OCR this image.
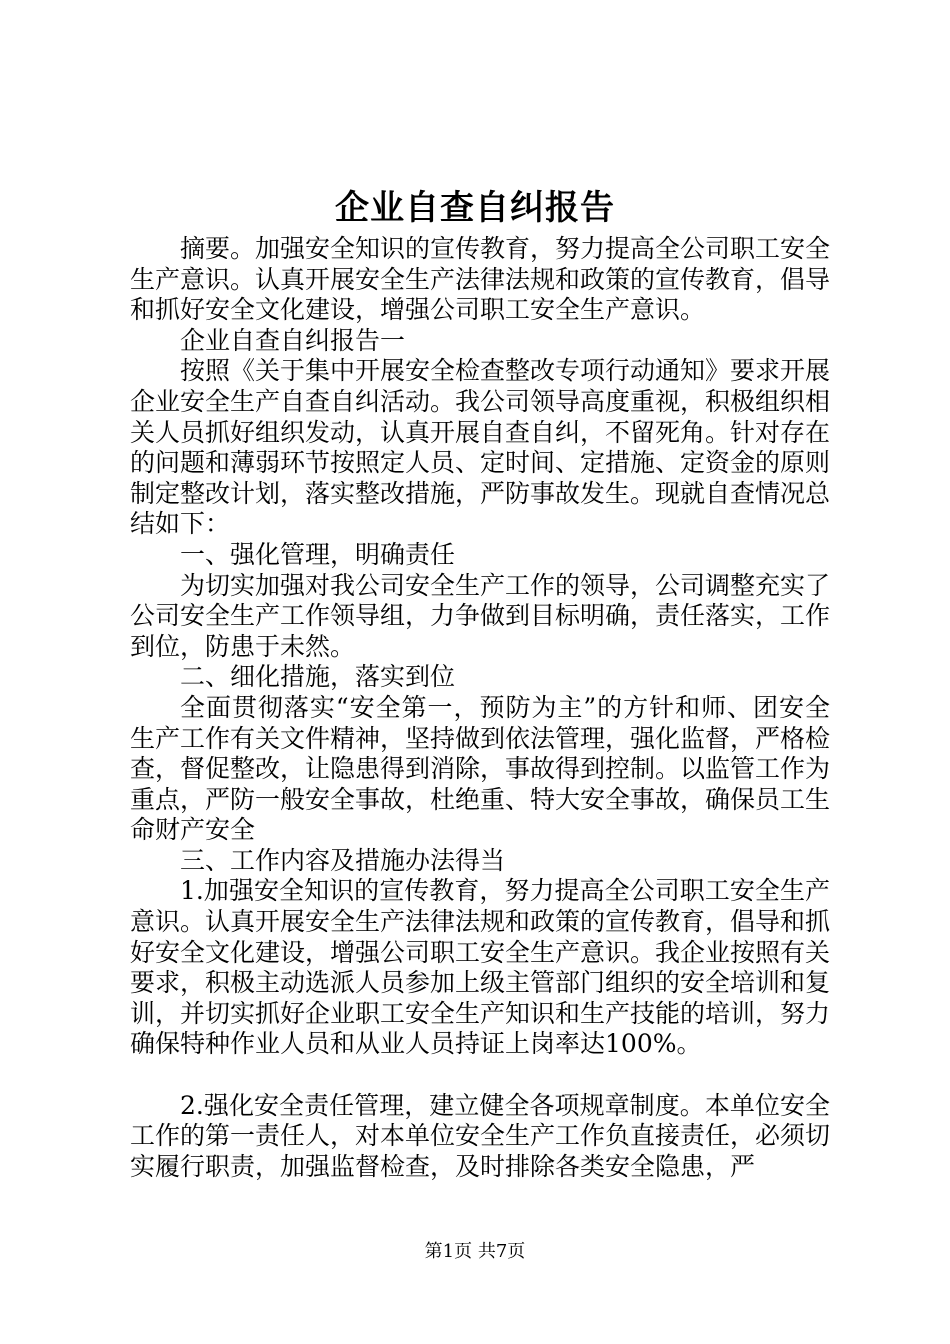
企业自查自纠报告

摘要。加强安全知识的宣传教育，努力提高全公司职工安全生产意识。认真开展安全生产法律法规和政策的宣传教育，倡导和抓好安全文化建设，增强公司职工安全生产意识。

企业自查自纠报告一

按照《关于集中开展安全检查整改专项行动通知》要求开展企业安全生产自查自纠活动。我公司领导高度重视，积极组织相关人员抓好组织发动，认真开展自查自纠，不留死角。针对存在的问题和薄弱环节按照定人员、定时间、定措施、定资金的原则制定整改计划，落实整改措施，严防事故发生。现就自查情况总结如下：

一、强化管理，明确责任

为切实加强对我公司安全生产工作的领导，公司调整充实了公司安全生产工作领导组，力争做到目标明确，责任落实，工作到位，防患于未然。

二、细化措施，落实到位

全面贯彻落实“安全第一，预防为主”的方针和师、团安全生产工作有关文件精神，坚持做到依法管理，强化监督，严格检查，督促整改，让隐患得到消除，事故得到控制。以监管工作为重点，严防一般安全事故，杜绝重、特大安全事故，确保员工生命财产安全

三、工作内容及措施办法得当

1.加强安全知识的宣传教育，努力提高全公司职工安全生产意识。认真开展安全生产法律法规和政策的宣传教育，倡导和抓好安全文化建设，增强公司职工安全生产意识。我企业按照有关要求，积极主动选派人员参加上级主管部门组织的安全培训和复训，并切实抓好企业职工安全生产知识和生产技能的培训，努力确保特种作业人员和从业人员持证上岗率达100%。

2.强化安全责任管理，建立健全各项规章制度。本单位安全工作的第一责任人，对本单位安全生产工作负直接责任，必须切实履行职责，加强监督检查，及时排除各类安全隐患，严

第1页 共7页
